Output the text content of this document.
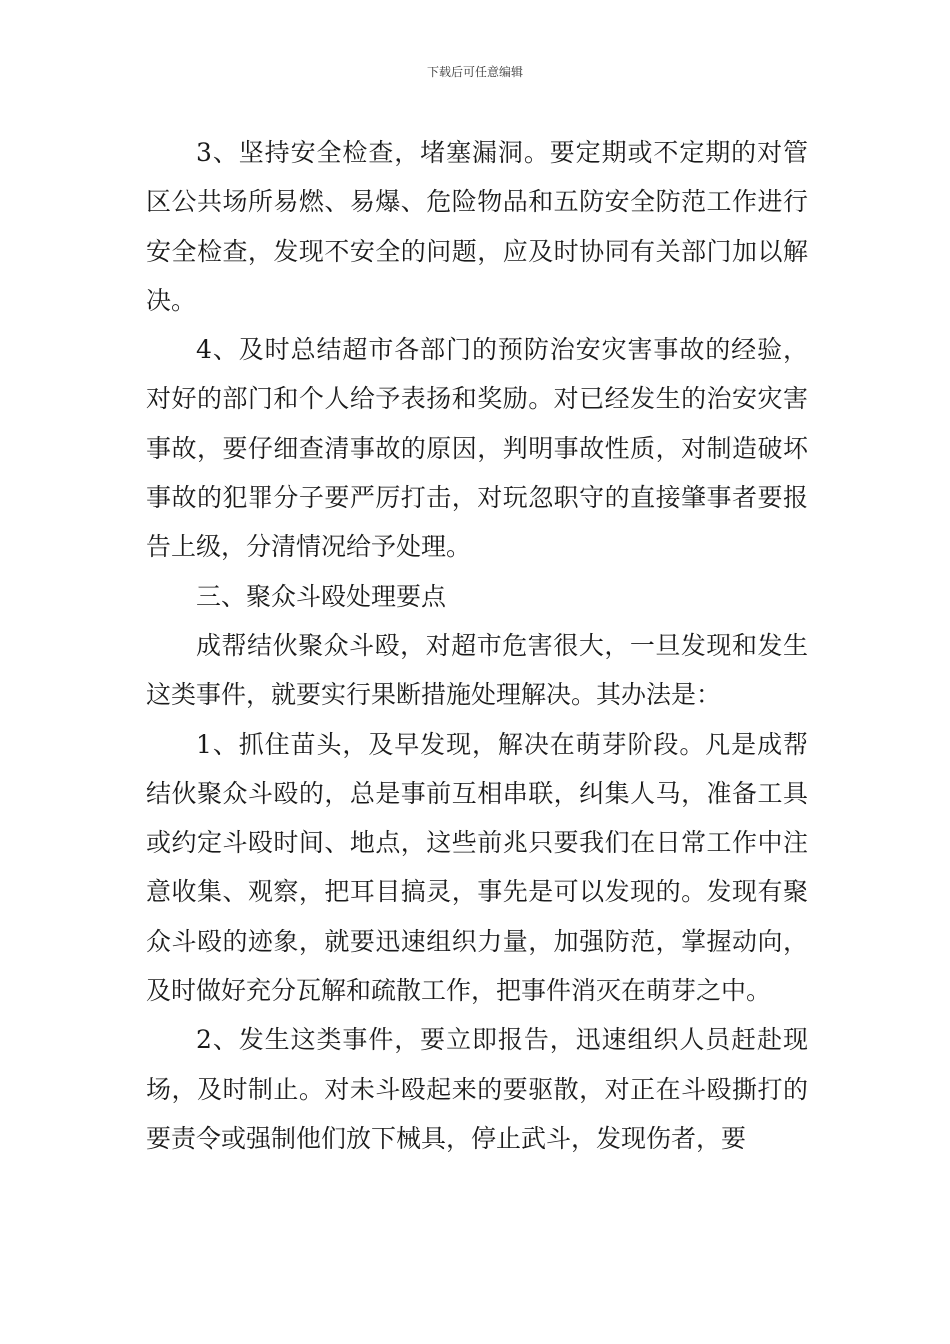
下载后可任意编辑

3、坚持安全检查，堵塞漏洞。要定期或不定期的对管区公共场所易燃、易爆、危险物品和五防安全防范工作进行安全检查，发现不安全的问题，应及时协同有关部门加以解决。

4、及时总结超市各部门的预防治安灾害事故的经验，对好的部门和个人给予表扬和奖励。对已经发生的治安灾害事故，要仔细查清事故的原因，判明事故性质，对制造破坏事故的犯罪分子要严厉打击，对玩忽职守的直接肇事者要报告上级，分清情况给予处理。

三、聚众斗殴处理要点

成帮结伙聚众斗殴，对超市危害很大，一旦发现和发生这类事件，就要实行果断措施处理解决。其办法是：

1、抓住苗头，及早发现，解决在萌芽阶段。凡是成帮结伙聚众斗殴的，总是事前互相串联，纠集人马，准备工具或约定斗殴时间、地点，这些前兆只要我们在日常工作中注意收集、观察，把耳目搞灵，事先是可以发现的。发现有聚众斗殴的迹象，就要迅速组织力量，加强防范，掌握动向，及时做好充分瓦解和疏散工作，把事件消灭在萌芽之中。

2、发生这类事件，要立即报告，迅速组织人员赶赴现场，及时制止。对未斗殴起来的要驱散，对正在斗殴撕打的要责令或强制他们放下械具，停止武斗，发现伤者，要
